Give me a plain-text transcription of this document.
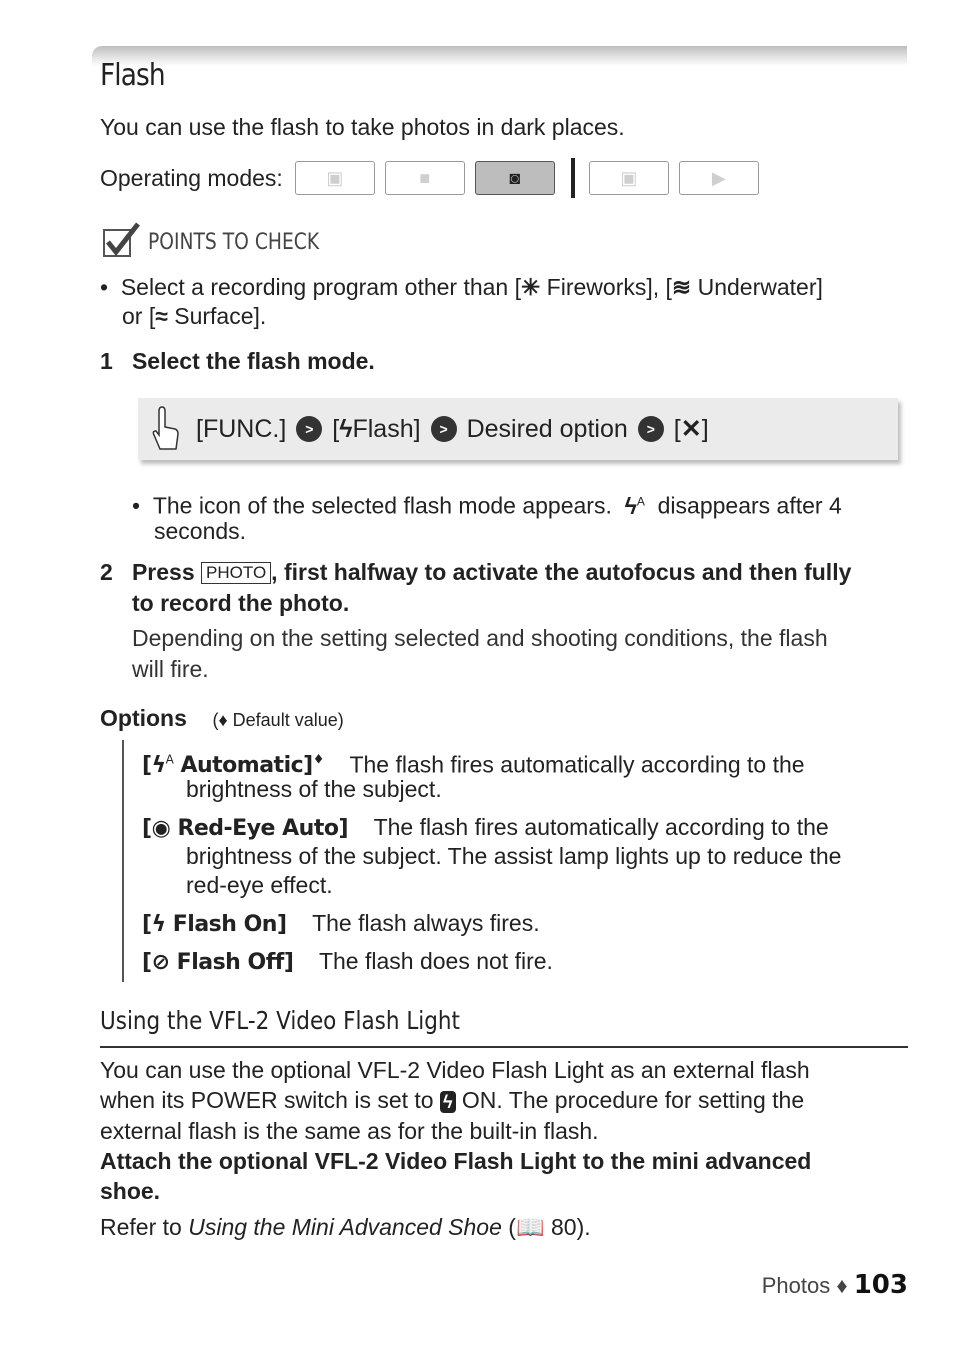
Flash
You can use the flash to take photos in dark places.
Operating modes: ▣	■	◙	▣	▶
POINTS TO CHECK
•  Select a recording program other than [✳ Fireworks], [≋ Underwater]
or [≈ Surface].
1 Select the flash mode.
[FUNC.]	> [ ϟ Flash]	> Desired option	> [ ✕ ]
•  The icon of the selected flash mode appears. $ϟ^A$ disappears after 4
seconds.
2 Press PHOTO , first halfway to activate the autofocus and then fully
to record the photo.
Depending on the setting selected and shooting conditions, the flash
will fire.
Options (♦ Default value)
[$ϟ^A$ Automatic]♦ The flash fires automatically according to the
brightness of the subject.
[◉ Red-Eye Auto] The flash fires automatically according to the
brightness of the subject. The assist lamp lights up to reduce the
red-eye effect.
[ϟ Flash On] The flash always fires.
[⊘ Flash Off] The flash does not fire.
Using the VFL-2 Video Flash Light
You can use the optional VFL-2 Video Flash Light as an external flash
when its POWER switch is set to ϟ ON. The procedure for setting the
external flash is the same as for the built-in flash.
Attach the optional VFL-2 Video Flash Light to the mini advanced
shoe.
Refer to Using the Mini Advanced Shoe (📖 80).
Photos ♦ 103
